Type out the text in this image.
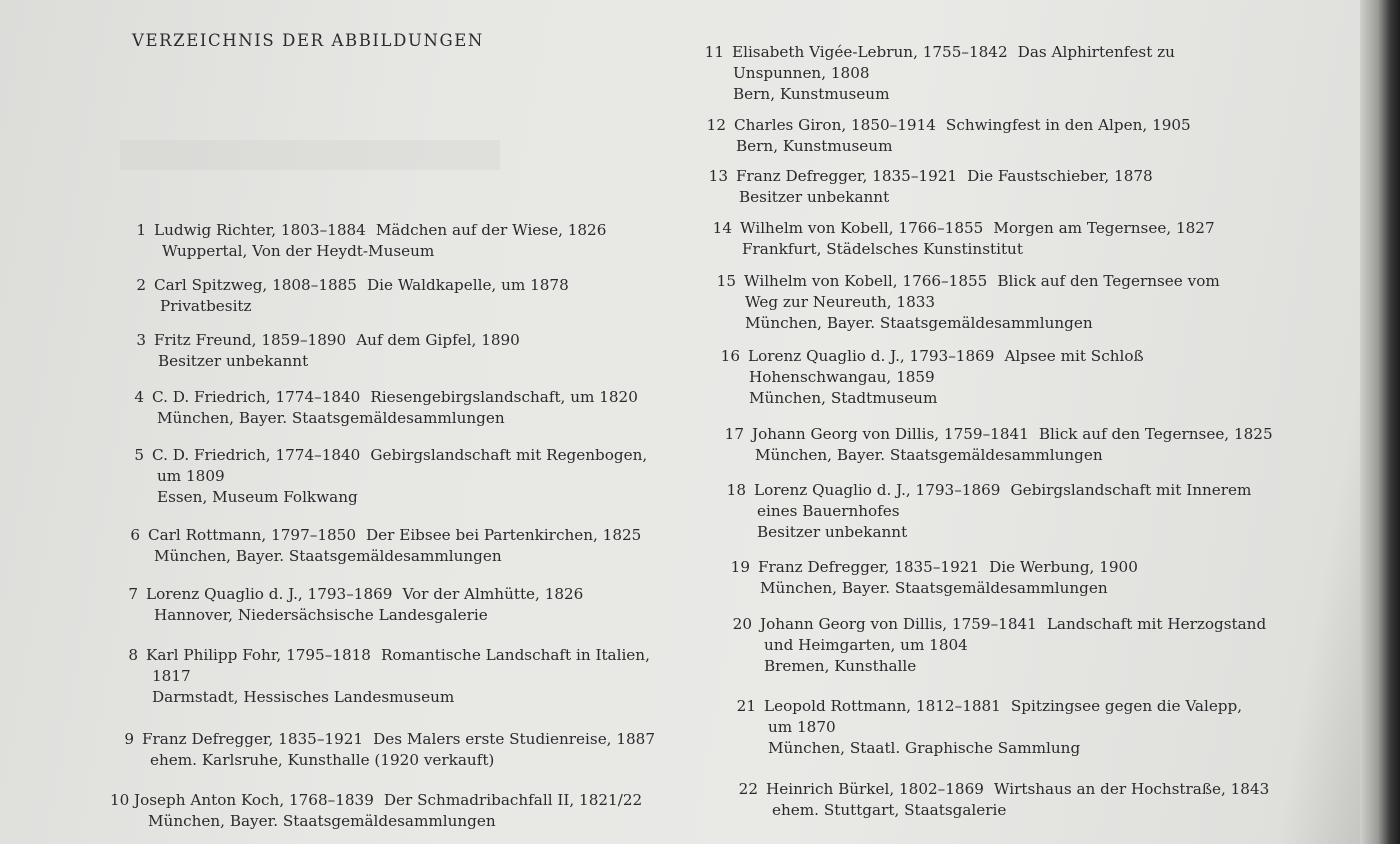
VERZEICHNIS DER ABBILDUNGEN
1 Ludwig Richter, 1803–1884 Mädchen auf der Wiese, 1826
Wuppertal, Von der Heydt-Museum
2 Carl Spitzweg, 1808–1885 Die Waldkapelle, um 1878
Privatbesitz
3 Fritz Freund, 1859–1890 Auf dem Gipfel, 1890
Besitzer unbekannt
4 C. D. Friedrich, 1774–1840 Riesengebirgslandschaft, um 1820
München, Bayer. Staatsgemäldesammlungen
5 C. D. Friedrich, 1774–1840 Gebirgslandschaft mit Regenbogen,
um 1809
Essen, Museum Folkwang
6 Carl Rottmann, 1797–1850 Der Eibsee bei Partenkirchen, 1825
München, Bayer. Staatsgemäldesammlungen
7 Lorenz Quaglio d. J., 1793–1869 Vor der Almhütte, 1826
Hannover, Niedersächsische Landesgalerie
8 Karl Philipp Fohr, 1795–1818 Romantische Landschaft in Italien,
1817
Darmstadt, Hessisches Landesmuseum
9 Franz Defregger, 1835–1921 Des Malers erste Studienreise, 1887
ehem. Karlsruhe, Kunsthalle (1920 verkauft)
10 Joseph Anton Koch, 1768–1839 Der Schmadribachfall II, 1821/22
München, Bayer. Staatsgemäldesammlungen
11 Elisabeth Vigée-Lebrun, 1755–1842 Das Alphirtenfest zu
Unspunnen, 1808
Bern, Kunstmuseum
12 Charles Giron, 1850–1914 Schwingfest in den Alpen, 1905
Bern, Kunstmuseum
13 Franz Defregger, 1835–1921 Die Faustschieber, 1878
Besitzer unbekannt
14 Wilhelm von Kobell, 1766–1855 Morgen am Tegernsee, 1827
Frankfurt, Städelsches Kunstinstitut
15 Wilhelm von Kobell, 1766–1855 Blick auf den Tegernsee vom
Weg zur Neureuth, 1833
München, Bayer. Staatsgemäldesammlungen
16 Lorenz Quaglio d. J., 1793–1869 Alpsee mit Schloß
Hohenschwangau, 1859
München, Stadtmuseum
17 Johann Georg von Dillis, 1759–1841 Blick auf den Tegernsee, 1825
München, Bayer. Staatsgemäldesammlungen
18 Lorenz Quaglio d. J., 1793–1869 Gebirgslandschaft mit Innerem
eines Bauernhofes
Besitzer unbekannt
19 Franz Defregger, 1835–1921 Die Werbung, 1900
München, Bayer. Staatsgemäldesammlungen
20 Johann Georg von Dillis, 1759–1841 Landschaft mit Herzogstand
und Heimgarten, um 1804
Bremen, Kunsthalle
21 Leopold Rottmann, 1812–1881 Spitzingsee gegen die Valepp,
um 1870
München, Staatl. Graphische Sammlung
22 Heinrich Bürkel, 1802–1869 Wirtshaus an der Hochstraße, 1843
ehem. Stuttgart, Staatsgalerie
